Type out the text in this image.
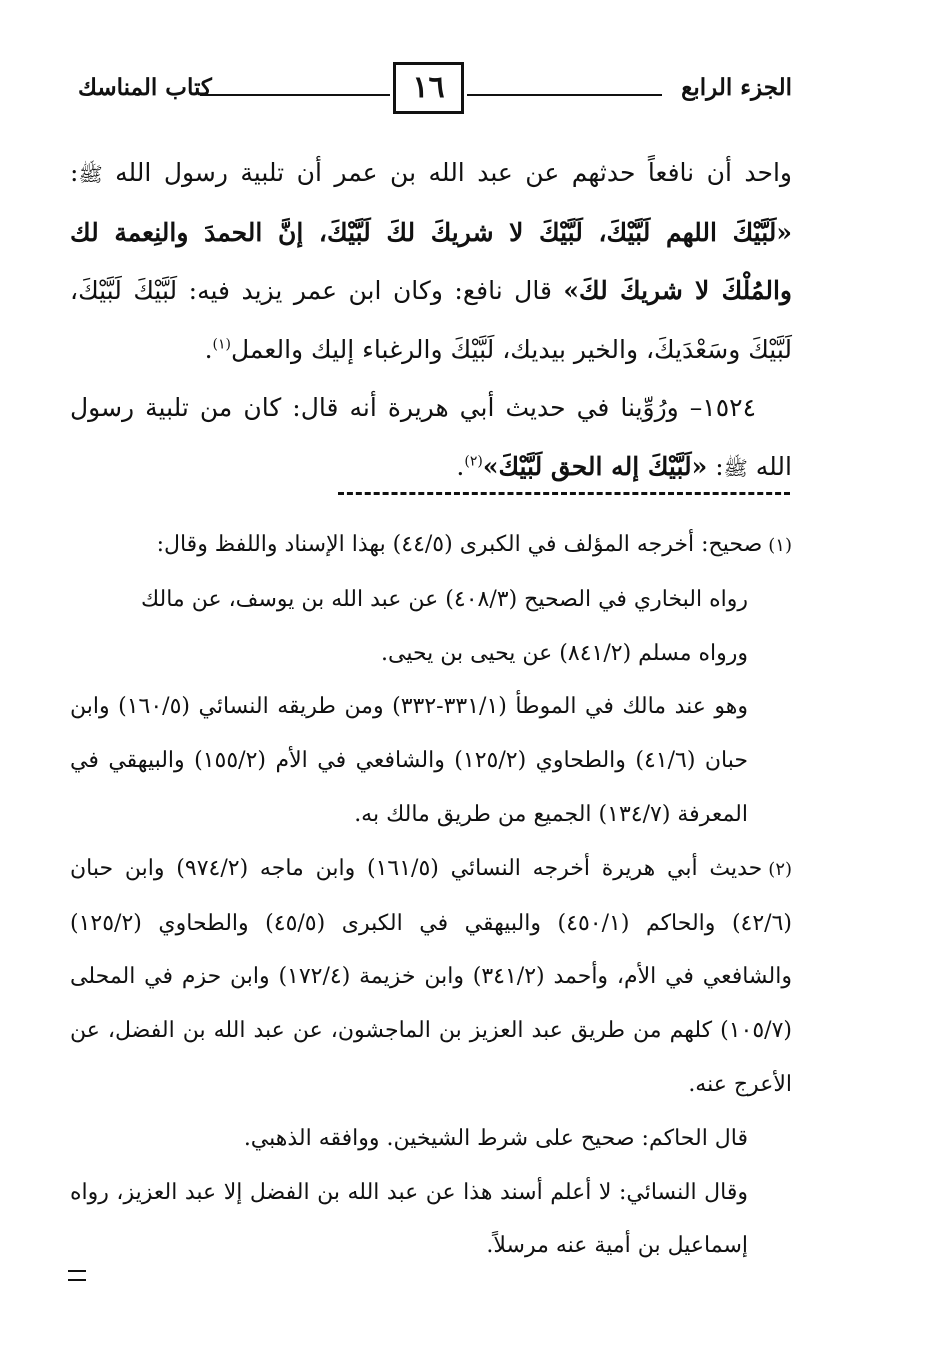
الجزء الرابع
١٦
كتاب المناسك

واحد أن نافعاً حدثهم عن عبد الله بن عمر أن تلبية رسول الله ﷺ: «لَبَّيْكَ اللهم لَبَّيْكَ، لَبَّيْكَ لا شريكَ لكَ لَبَّيْكَ، إنَّ الحمدَ والنِعمة لك والمُلْكَ لا شريكَ لكَ» قال نافع: وكان ابن عمر يزيد فيه: لَبَّيْكَ لَبَّيْكَ، لَبَّيْكَ وسَعْدَيكَ، والخير بيديك، لَبَّيْكَ والرغباء إليك والعمل$^{(١)}$.

١٥٢٤– ورُوِّينا في حديث أبي هريرة أنه قال: كان من تلبية رسول الله ﷺ: «لَبَّيْكَ إله الحق لَبَّيْكَ»$^{(٢)}$.

(١)صحيح: أخرجه المؤلف في الكبرى (٤٤/٥) بهذا الإسناد واللفظ وقال:

رواه البخاري في الصحيح (٤٠٨/٣) عن عبد الله بن يوسف، عن مالك

ورواه مسلم (٨٤١/٢) عن يحيى بن يحيى.

وهو عند مالك في الموطأ (٣٣١/١-٣٣٢) ومن طريقه النسائي (١٦٠/٥) وابن حبان (٤١/٦) والطحاوي (١٢٥/٢) والشافعي في الأم (١٥٥/٢) والبيهقي في المعرفة (١٣٤/٧) الجميع من طريق مالك به.

(٢)حديث أبي هريرة أخرجه النسائي (١٦١/٥) وابن ماجه (٩٧٤/٢) وابن حبان (٤٢/٦) والحاكم (٤٥٠/١) والبيهقي في الكبرى (٤٥/٥) والطحاوي (١٢٥/٢) والشافعي في الأم، وأحمد (٣٤١/٢) وابن خزيمة (١٧٢/٤) وابن حزم في المحلى (١٠٥/٧) كلهم من طريق عبد العزيز بن الماجشون، عن عبد الله بن الفضل، عن الأعرج عنه.

قال الحاكم: صحيح على شرط الشيخين. ووافقه الذهبي.

وقال النسائي: لا أعلم أسند هذا عن عبد الله بن الفضل إلا عبد العزيز، رواه إسماعيل بن أمية عنه مرسلاً.
